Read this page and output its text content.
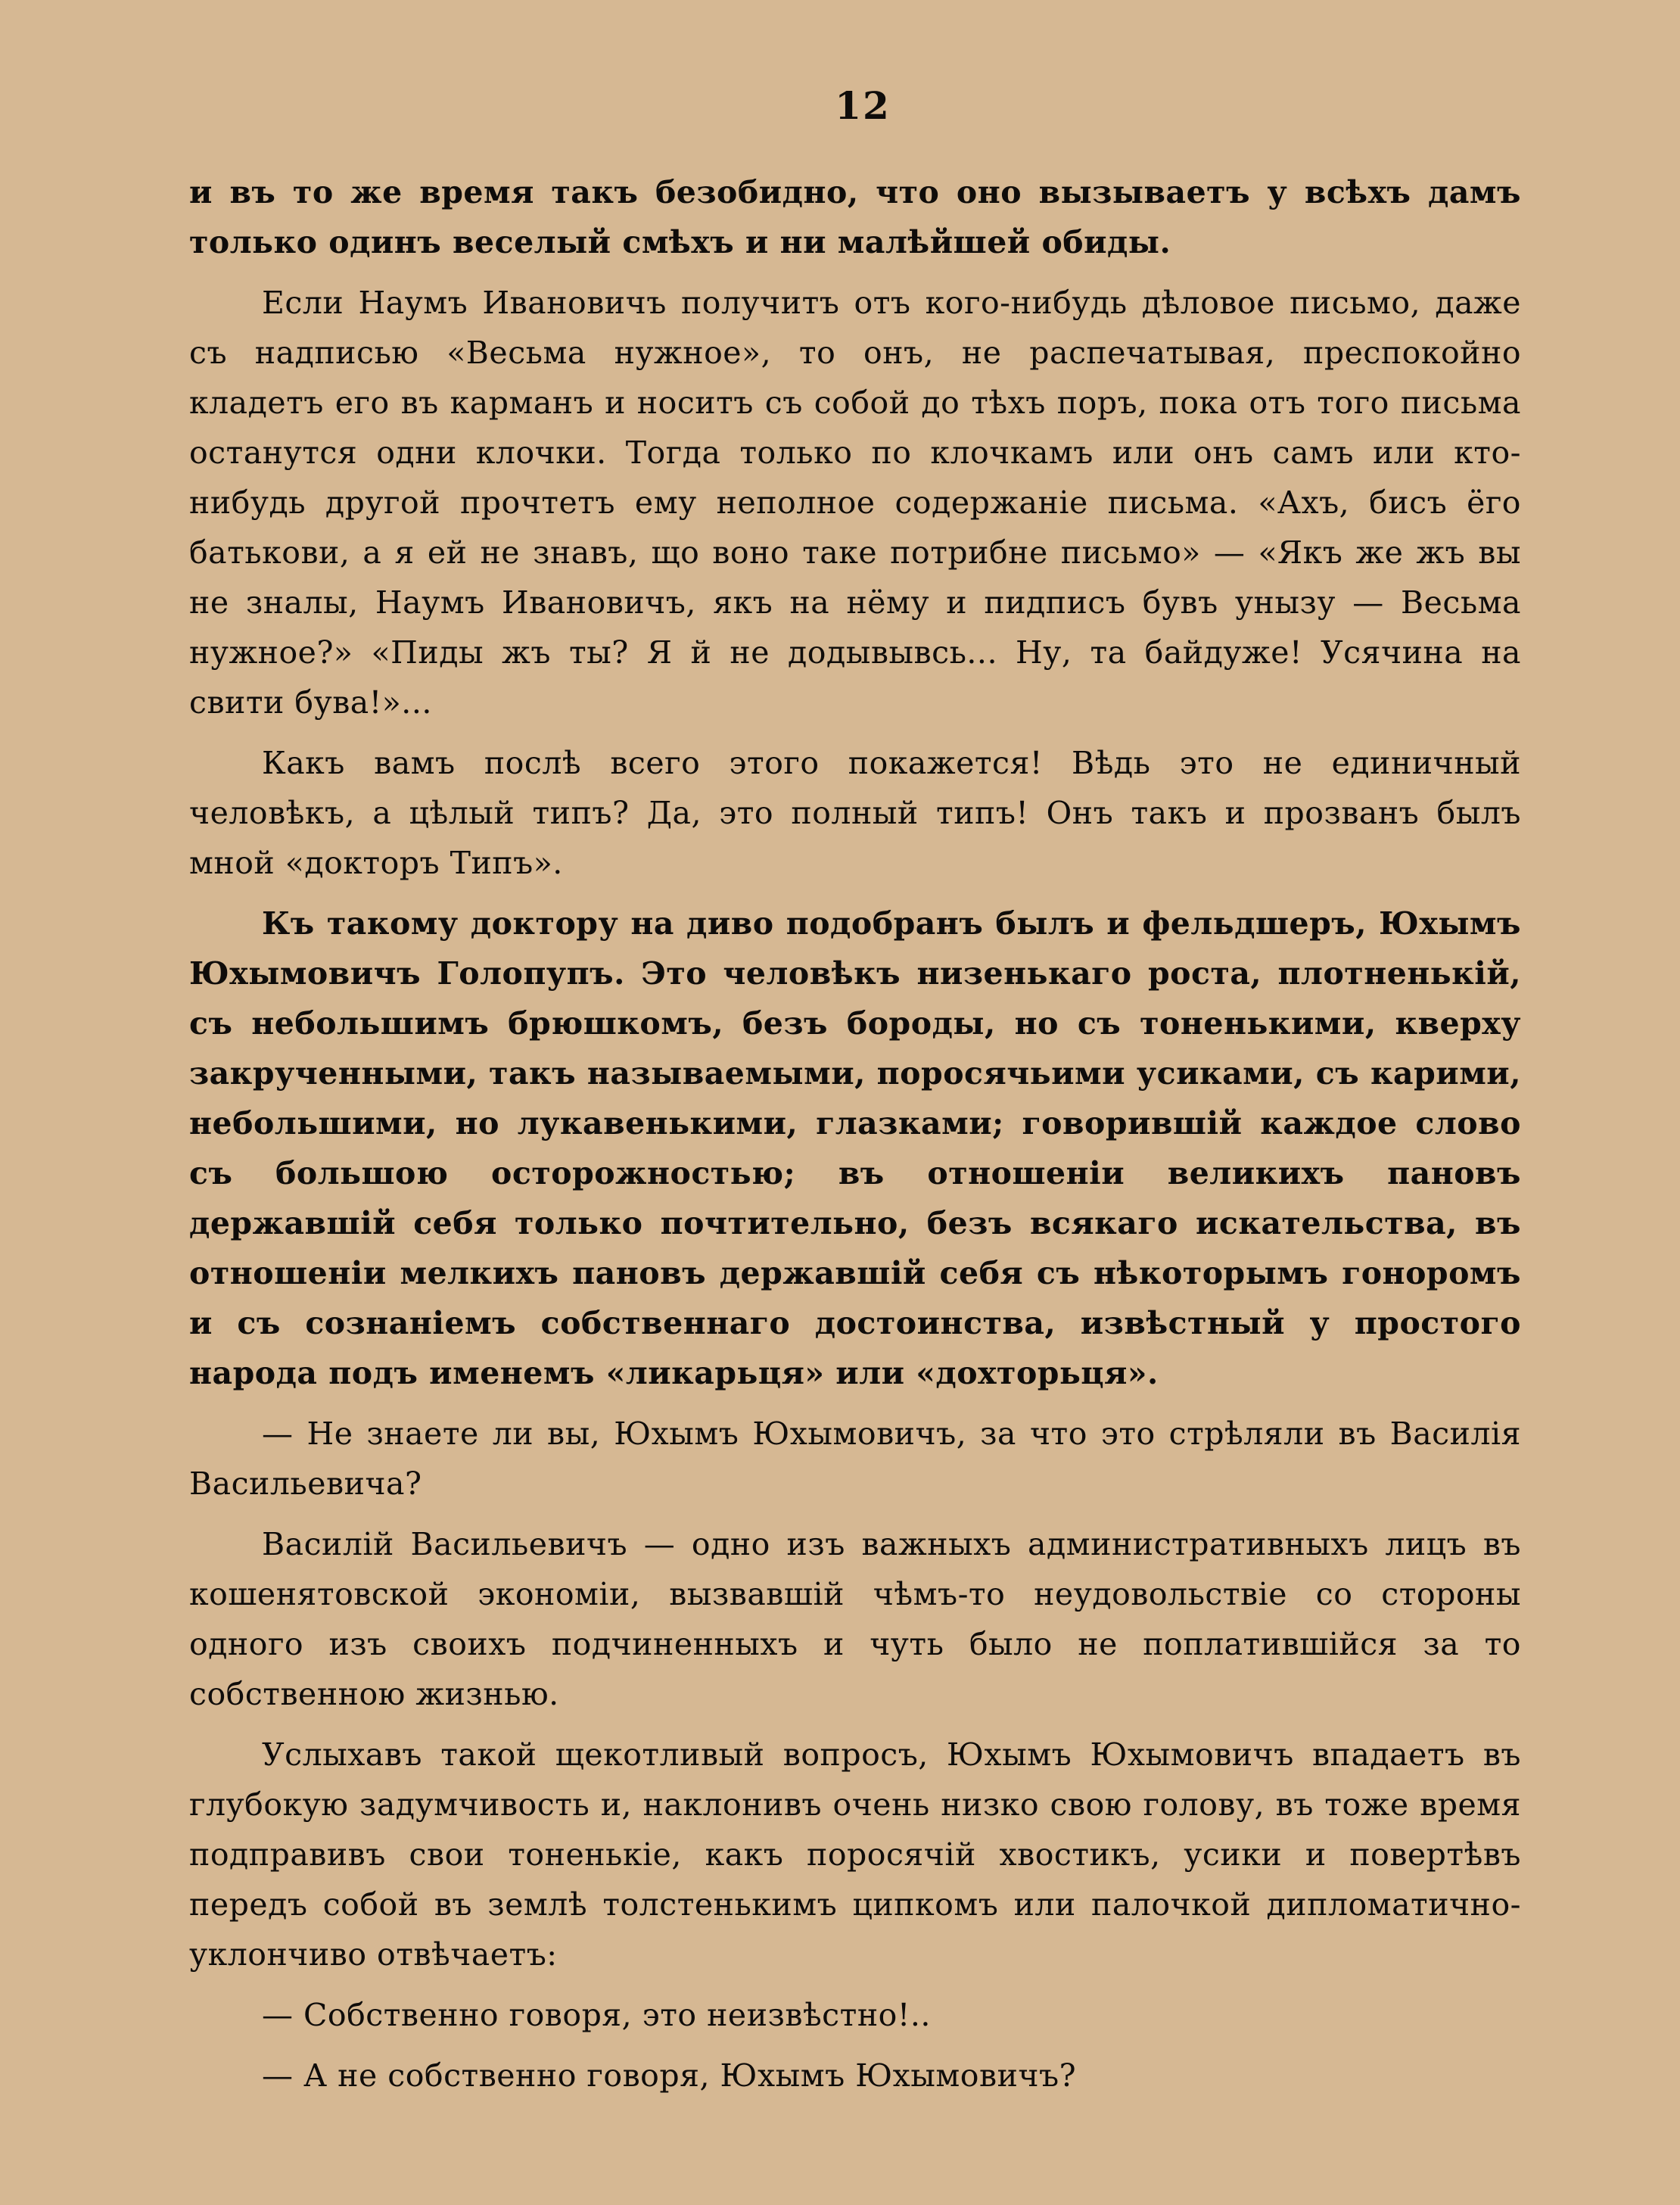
12

и въ то же время такъ безобидно, что оно вызываетъ у всѣхъ дамъ только одинъ веселый смѣхъ и ни малѣйшей обиды.

Если Наумъ Ивановичъ получитъ отъ кого-нибудь дѣловое письмо, даже съ надписью «Весьма нужное», то онъ, не распечатывая, преспокойно кладетъ его въ карманъ и носитъ съ собой до тѣхъ поръ, пока отъ того письма останутся одни клочки. Тогда только по клочкамъ или онъ самъ или кто-нибудь другой прочтетъ ему неполное содержанie письма. «Ахъ, бисъ ёго батькови, а я ей не знавъ, що воно таке потрибне письмо» — «Якъ же жъ вы не зналы, Наумъ Ивановичъ, якъ на нёму и пидписъ бувъ унызу — Весьма нужное?» «Пиды жъ ты? Я й не додывывсь... Ну, та байдуже! Усячина на свити бува!»...

Какъ вамъ послѣ всего этого покажется! Вѣдь это не единичный человѣкъ, а цѣлый типъ? Да, это полный типъ! Онъ такъ и прозванъ былъ мной «докторъ Типъ».

Къ такому доктору на диво подобранъ былъ и фельдшеръ, Юхымъ Юхымовичъ Голопупъ. Это человѣкъ низенькаго роста, плотненькiй, съ небольшимъ брюшкомъ, безъ бороды, но съ тоненькими, кверху закрученными, такъ называемыми, поросячьими усиками, съ карими, небольшими, но лукавенькими, глазками; говорившiй каждое слово съ большою осторожностью; въ отношенiи великихъ пановъ державшiй себя только почтительно, безъ всякаго искательства, въ отношенiи мелкихъ пановъ державшiй себя съ нѣкоторымъ гоноромъ и съ сознанiемъ собственнаго достоинства, извѣстный у простого народа подъ именемъ «ликарьця» или «дохторьця».

— Не знаете ли вы, Юхымъ Юхымовичъ, за что это стрѣляли въ Василiя Васильевича?

Василiй Васильевичъ — одно изъ важныхъ административныхъ лицъ въ кошенятовской экономiи, вызвавшiй чѣмъ-то неудовольствiе со стороны одного изъ своихъ подчиненныхъ и чуть было не поплатившiйся за то собственною жизнью.

Услыхавъ такой щекотливый вопросъ, Юхымъ Юхымовичъ впадаетъ въ глубокую задумчивость и, наклонивъ очень низко свою голову, въ тоже время подправивъ свои тоненькiе, какъ поросячiй хвостикъ, усики и повертѣвъ передъ собой въ землѣ толстенькимъ ципкомъ или палочкой дипломатично-уклончиво отвѣчаетъ:

— Собственно говоря, это неизвѣстно!..

— А не собственно говоря, Юхымъ Юхымовичъ?
